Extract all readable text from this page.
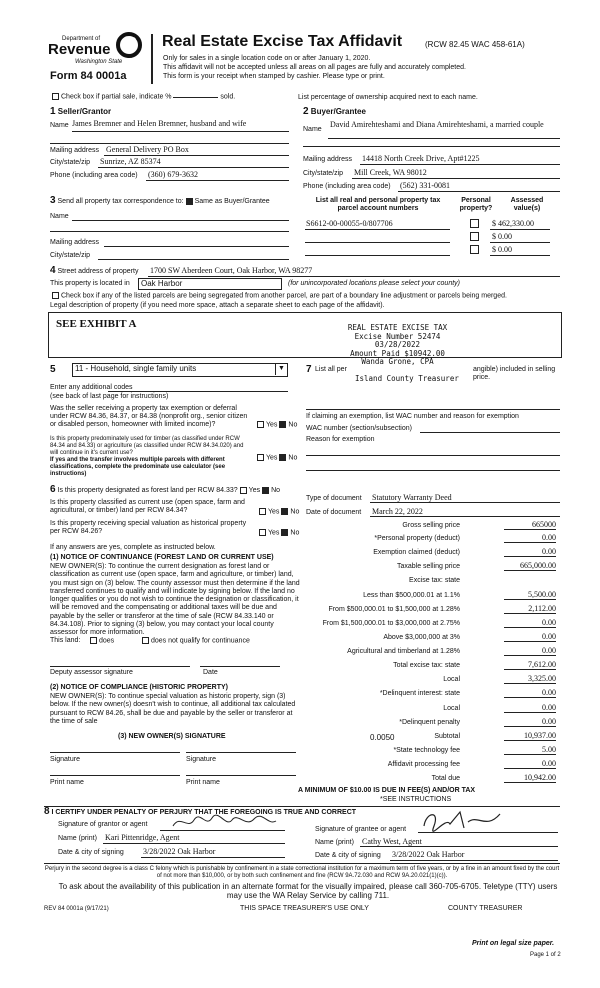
Department of
Revenue
Washington State
Form 84 0001a
Real Estate Excise Tax Affidavit	(RCW 82.45 WAC 458-61A)
Only for sales in a single location code on or after January 1, 2020.
This affidavit will not be accepted unless all areas on all pages are fully and accurately completed.
This form is your receipt when stamped by cashier. Please type or print.
Check box if partial sale, indicate %	sold.	List percentage of ownership acquired next to each name.
1 Seller/Grantor
Name James Bremner and Helen Bremner, husband and wife
Mailing address General Delivery PO Box
City/state/zip Sunrize, AZ 85374
Phone (including area code) (360) 679-3632
2 Buyer/Grantee
Name
David Amirehteshami and Diana Amirehteshami, a married couple
Mailing address 14418 North Creek Drive, Apt#1225
City/state/zip Mill Creek, WA 98012
Phone (including area code) (562) 331-0081
3 Send all property tax correspondence to: Same as Buyer/Grantee
Name
Mailing address
City/state/zip
List all real and personal property tax parcel account numbers
Personal property?
Assessed value(s)
S6612-00-00055-0/807706	$ 462,330.00
$ 0.00
$ 0.00
4 Street address of property 1700 SW Aberdeen Court, Oak Harbor, WA 98277
This property is located in	Oak Harbor	(for unincorporated locations please select your county)
Check box if any of the listed parcels are being segregated from another parcel, are part of a boundary line adjustment or parcels being merged.
Legal description of property (if you need more space, attach a separate sheet to each page of the affidavit).
SEE EXHIBIT A	REAL ESTATE EXCISE TAX
Excise Number 52474
03/28/2022
Amount Paid $10942.00
Wanda Grone, CPA
5	11 - Household, single family units	▼ 7 List all per
Island County Treasurer
angible) included in selling price.
Enter any additional codes
(see back of last page for instructions)
Was the seller receiving a property tax exemption or deferral under RCW 84.36, 84.37, or 84.38 (nonprofit org., senior citizen or disabled person, homeowner with limited income)?	Yes No
Is this property predominately used for timber (as classified under RCW 84.34 and 84.33) or agriculture (as classified under RCW 84.34.020) and will continue in it's current use?
If yes and the transfer involves multiple parcels with different classifications, complete the predominate use calculator (see instructions)
Yes No
If claiming an exemption, list WAC number and reason for exemption
WAC number (section/subsection)
Reason for exemption
6 Is this property designated as forest land per RCW 84.33? Yes No
Is this property classified as current use (open space, farm and agricultural, or timber) land per RCW 84.34?	Yes No
Is this property receiving special valuation as historical property per RCW 84.26?	Yes No
If any answers are yes, complete as instructed below.
(1) NOTICE OF CONTINUANCE (FOREST LAND OR CURRENT USE)
NEW OWNER(S): To continue the current designation as forest land or classification as current use (open space, farm and agriculture, or timber) land, you must sign on (3) below. The county assessor must then determine if the land transferred continues to qualify and will indicate by signing below. If the land no longer qualifies or you do not wish to continue the designation or classification, it will be removed and the compensating or additional taxes will be due and payable by the seller or transferor at the time of sale (RCW 84.33.140 or 84.34.108). Prior to signing (3) below, you may contact your local county assessor for more information.
This land:	does	does not qualify for continuance
Deputy assessor signature	Date
(2) NOTICE OF COMPLIANCE (HISTORIC PROPERTY)
NEW OWNER(S): To continue special valuation as historic property, sign (3) below. If the new owner(s) doesn't wish to continue, all additional tax calculated pursuant to RCW 84.26, shall be due and payable by the seller or transferor at the time of sale
(3) NEW OWNER(S) SIGNATURE
Signature	Signature
Print name	Print name
Type of document Statutory Warranty Deed
Date of document March 22, 2022
Gross selling price	665000
*Personal property (deduct)	0.00
Exemption claimed (deduct)	0.00
Taxable selling price	665,000.00
Excise tax: state
Less than $500,000.01 at 1.1%	5,500.00
From $500,000.01 to $1,500,000 at 1.28%	2,112.00
From $1,500,000.01 to $3,000,000 at 2.75%	0.00
Above $3,000,000 at 3%	0.00
Agricultural and timberland at 1.28%	0.00
Total excise tax: state	7,612.00
Local	3,325.00
*Delinquent interest: state	0.00
Local	0.00
*Delinquent penalty	0.00
Subtotal	10,937.00
*State technology fee	5.00
Affidavit processing fee	0.00
Total due	10,942.00
0.0050
A MINIMUM OF $10.00 IS DUE IN FEE(S) AND/OR TAX
*SEE INSTRUCTIONS
8 I CERTIFY UNDER PENALTY OF PERJURY THAT THE FOREGOING IS TRUE AND CORRECT
Signature of grantor or agent
Signature of grantee or agent
Name (print) Kari Pittenridge, Agent
Name (print) Cathy West, Agent
Date & city of signing 3/28/2022 Oak Harbor	Date & city of signing 3/28/2022 Oak Harbor
Perjury in the second degree is a class C felony which is punishable by confinement in a state correctional institution for a maximum term of five years, or by a fine in an amount fixed by the court of not more than $10,000, or by both such confinement and fine (RCW 9A.72.030 and RCW 9A.20.021(1)(c)).
To ask about the availability of this publication in an alternate format for the visually impaired, please call 360-705-6705. Teletype (TTY) users may use the WA Relay Service by calling 711.
REV 84 0001a (9/17/21)	THIS SPACE TREASURER'S USE ONLY	COUNTY TREASURER
Print on legal size paper.
Page 1 of 2
